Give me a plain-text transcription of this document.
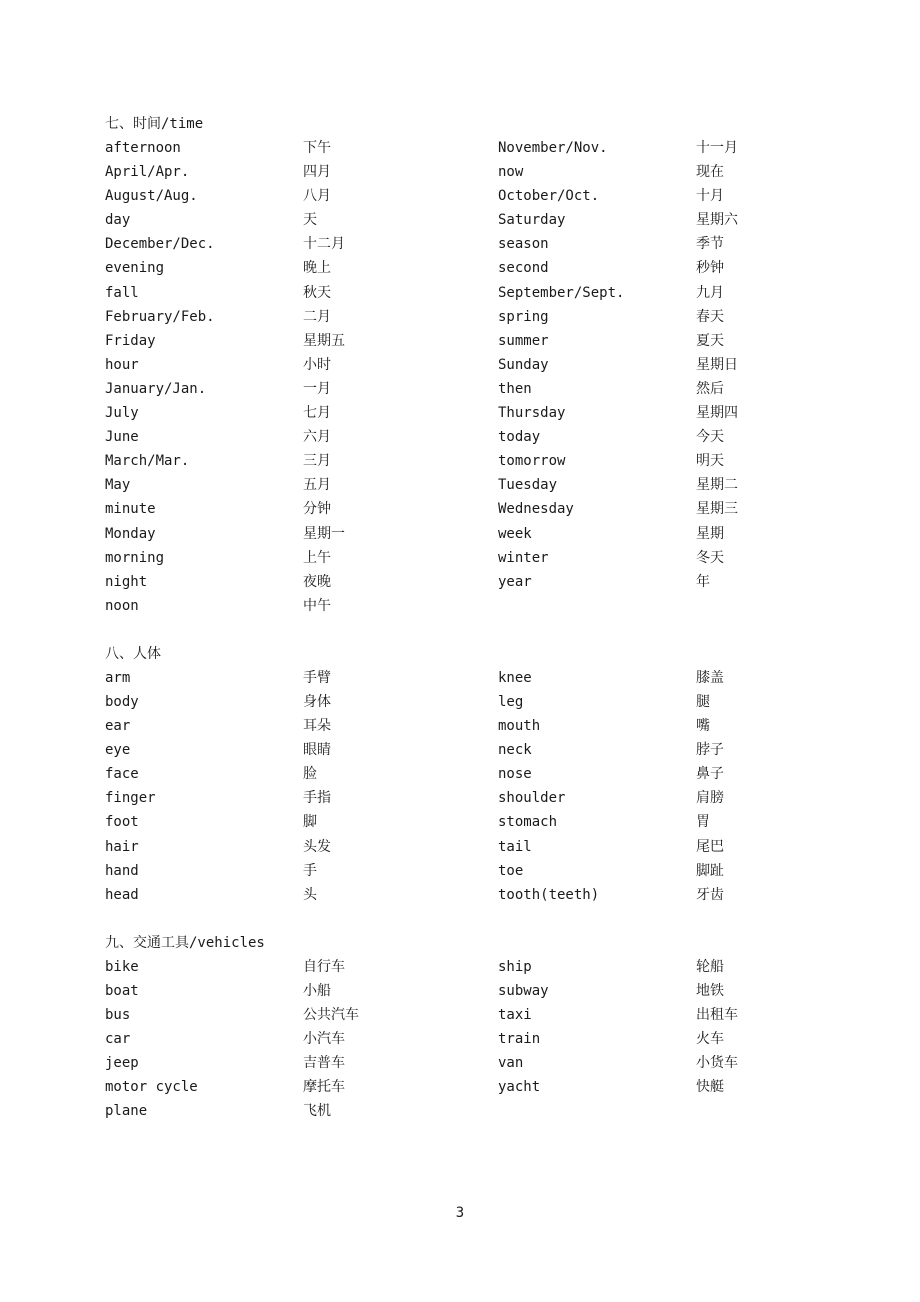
七、时间/time
afternoon	下午	November/Nov.	十一月
April/Apr.	四月	now	现在
August/Aug.	八月	October/Oct.	十月
day	天	Saturday	星期六
December/Dec.	十二月	season	季节
evening	晚上	second	秒钟
fall	秋天	September/Sept.	九月
February/Feb.	二月	spring	春天
Friday	星期五	summer	夏天
hour	小时	Sunday	星期日
January/Jan.	一月	then	然后
July	七月	Thursday	星期四
June	六月	today	今天
March/Mar.	三月	tomorrow	明天
May	五月	Tuesday	星期二
minute	分钟	Wednesday	星期三
Monday	星期一	week	星期
morning	上午	winter	冬天
night	夜晚	year	年
noon	中午
八、人体
arm	手臂	knee	膝盖
body	身体	leg	腿
ear	耳朵	mouth	嘴
eye	眼睛	neck	脖子
face	脸	nose	鼻子
finger	手指	shoulder	肩膀
foot	脚	stomach	胃
hair	头发	tail	尾巴
hand	手	toe	脚趾
head	头	tooth(teeth)	牙齿
九、交通工具/vehicles
bike	自行车	ship	轮船
boat	小船	subway	地铁
bus	公共汽车	taxi	出租车
car	小汽车	train	火车
jeep	吉普车	van	小货车
motor cycle	摩托车	yacht	快艇
plane	飞机
3
